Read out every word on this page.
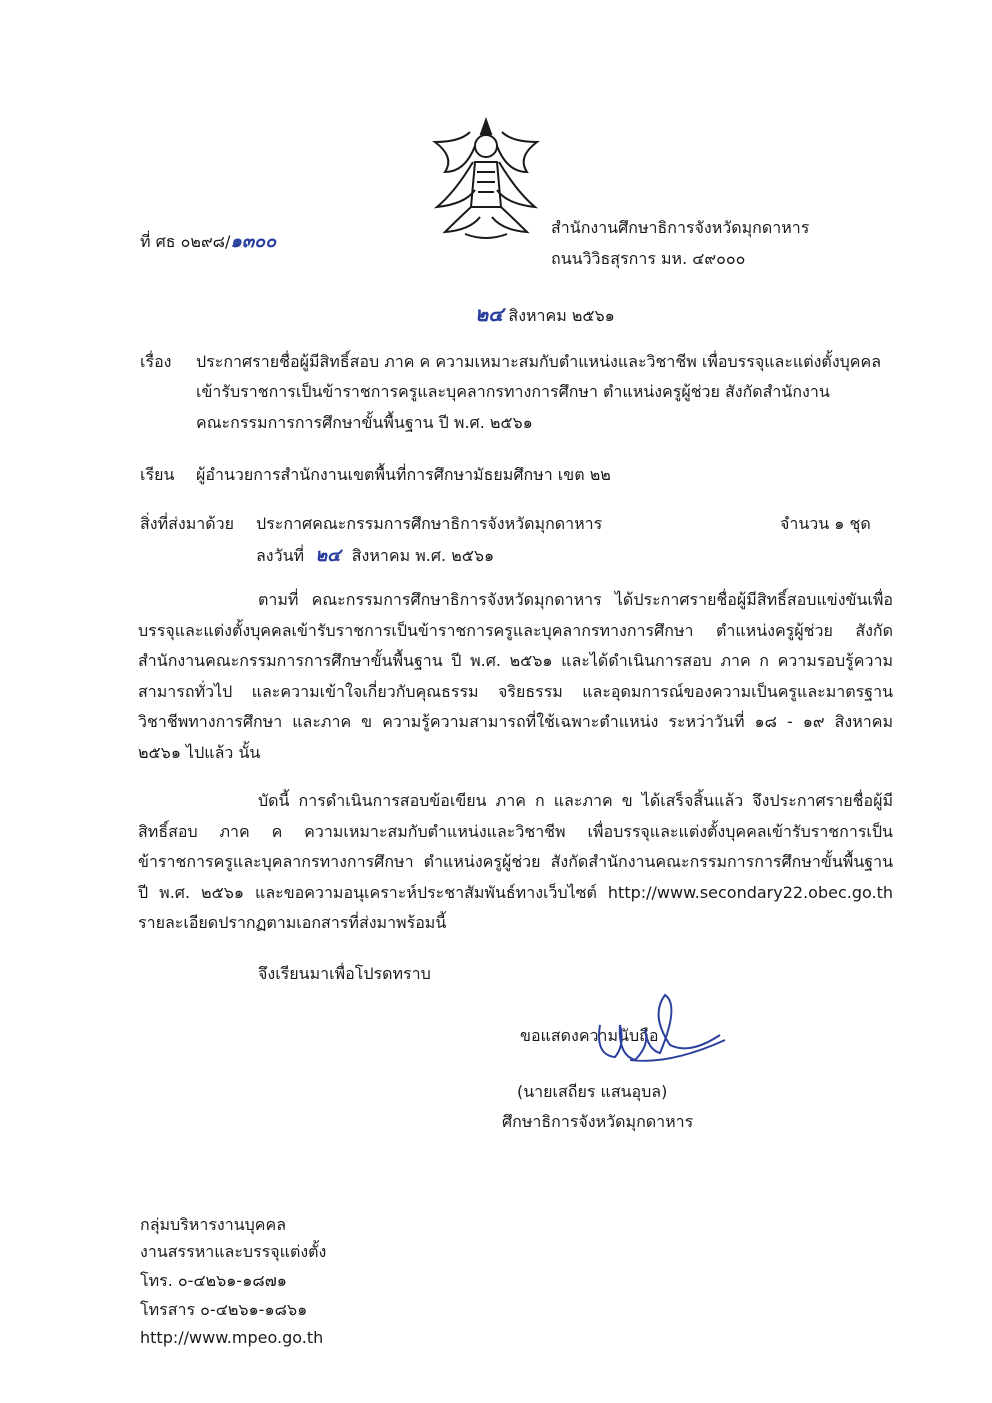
ที่ ศธ ๐๒๙๘/๑๓๐๐
สำนักงานศึกษาธิการจังหวัดมุกดาหาร
ถนนวิวิธสุรการ มห. ๔๙๐๐๐
๒๔ สิงหาคม ๒๕๖๑
เรื่อง ประกาศรายชื่อผู้มีสิทธิ์สอบ ภาค ค ความเหมาะสมกับตำแหน่งและวิชาชีพ เพื่อบรรจุและแต่งตั้งบุคคล
เข้ารับราชการเป็นข้าราชการครูและบุคลากรทางการศึกษา ตำแหน่งครูผู้ช่วย สังกัดสำนักงาน
คณะกรรมการการศึกษาขั้นพื้นฐาน ปี พ.ศ. ๒๕๖๑
เรียน ผู้อำนวยการสำนักงานเขตพื้นที่การศึกษามัธยมศึกษา เขต ๒๒
สิ่งที่ส่งมาด้วย ประกาศคณะกรรมการศึกษาธิการจังหวัดมุกดาหาร	จำนวน ๑ ชุด
ลงวันที่ ๒๔ สิงหาคม พ.ศ. ๒๕๖๑
ตามที่ คณะกรรมการศึกษาธิการจังหวัดมุกดาหาร ได้ประกาศรายชื่อผู้มีสิทธิ์สอบแข่งขันเพื่อบรรจุและแต่งตั้งบุคคลเข้ารับราชการเป็นข้าราชการครูและบุคลากรทางการศึกษา ตำแหน่งครูผู้ช่วย สังกัดสำนักงานคณะกรรมการการศึกษาขั้นพื้นฐาน ปี พ.ศ. ๒๕๖๑ และได้ดำเนินการสอบ ภาค ก ความรอบรู้ความสามารถทั่วไป และความเข้าใจเกี่ยวกับคุณธรรม จริยธรรม และอุดมการณ์ของความเป็นครูและมาตรฐานวิชาชีพทางการศึกษา และภาค ข ความรู้ความสามารถที่ใช้เฉพาะตำแหน่ง ระหว่าวันที่ ๑๘ - ๑๙ สิงหาคม ๒๕๖๑ ไปแล้ว นั้น
บัดนี้ การดำเนินการสอบข้อเขียน ภาค ก และภาค ข ได้เสร็จสิ้นแล้ว จึงประกาศรายชื่อผู้มีสิทธิ์สอบ ภาค ค ความเหมาะสมกับตำแหน่งและวิชาชีพ เพื่อบรรจุและแต่งตั้งบุคคลเข้ารับราชการเป็นข้าราชการครูและบุคลากรทางการศึกษา ตำแหน่งครูผู้ช่วย สังกัดสำนักงานคณะกรรมการการศึกษาขั้นพื้นฐาน ปี พ.ศ. ๒๕๖๑ และขอความอนุเคราะห์ประชาสัมพันธ์ทางเว็บไซต์ http://www.secondary22.obec.go.th รายละเอียดปรากฏตามเอกสารที่ส่งมาพร้อมนี้
จึงเรียนมาเพื่อโปรดทราบ
ขอแสดงความนับถือ
(นายเสถียร แสนอุบล)
ศึกษาธิการจังหวัดมุกดาหาร
กลุ่มบริหารงานบุคคล
งานสรรหาและบรรจุแต่งตั้ง
โทร. ๐-๔๒๖๑-๑๘๗๑
โทรสาร ๐-๔๒๖๑-๑๘๖๑
http://www.mpeo.go.th
